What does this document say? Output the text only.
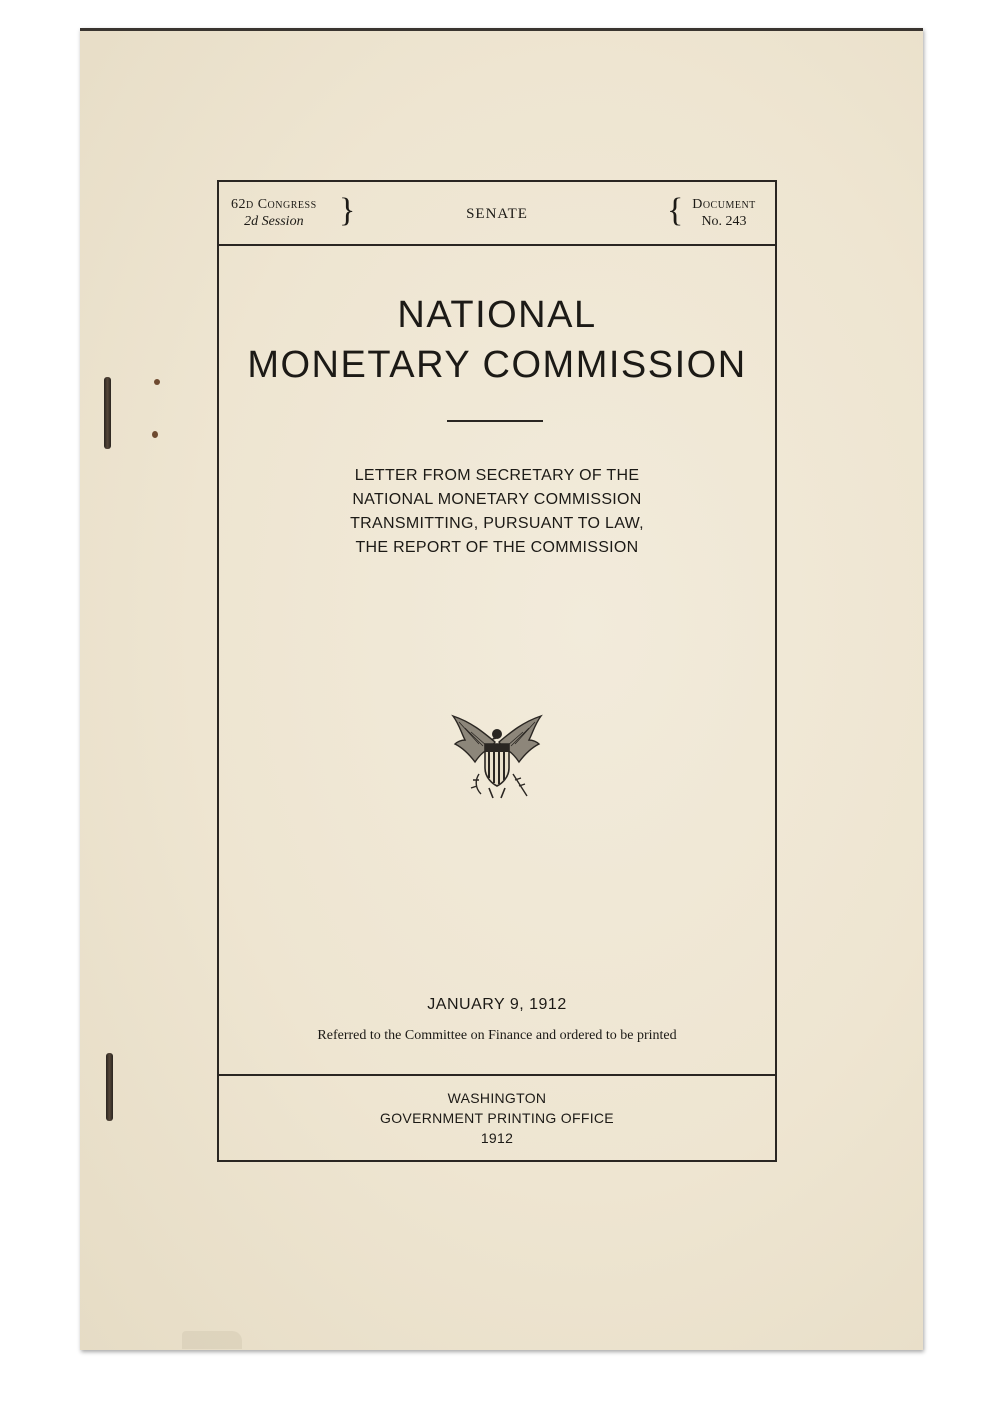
62d Congress
2d Session	}	SENATE	{ Document
No. 243
NATIONAL
MONETARY COMMISSION
LETTER FROM SECRETARY OF THE
NATIONAL MONETARY COMMISSION
TRANSMITTING, PURSUANT TO LAW,
THE REPORT OF THE COMMISSION
JANUARY 9, 1912
Referred to the Committee on Finance and ordered to be printed
WASHINGTON
GOVERNMENT PRINTING OFFICE
1912
